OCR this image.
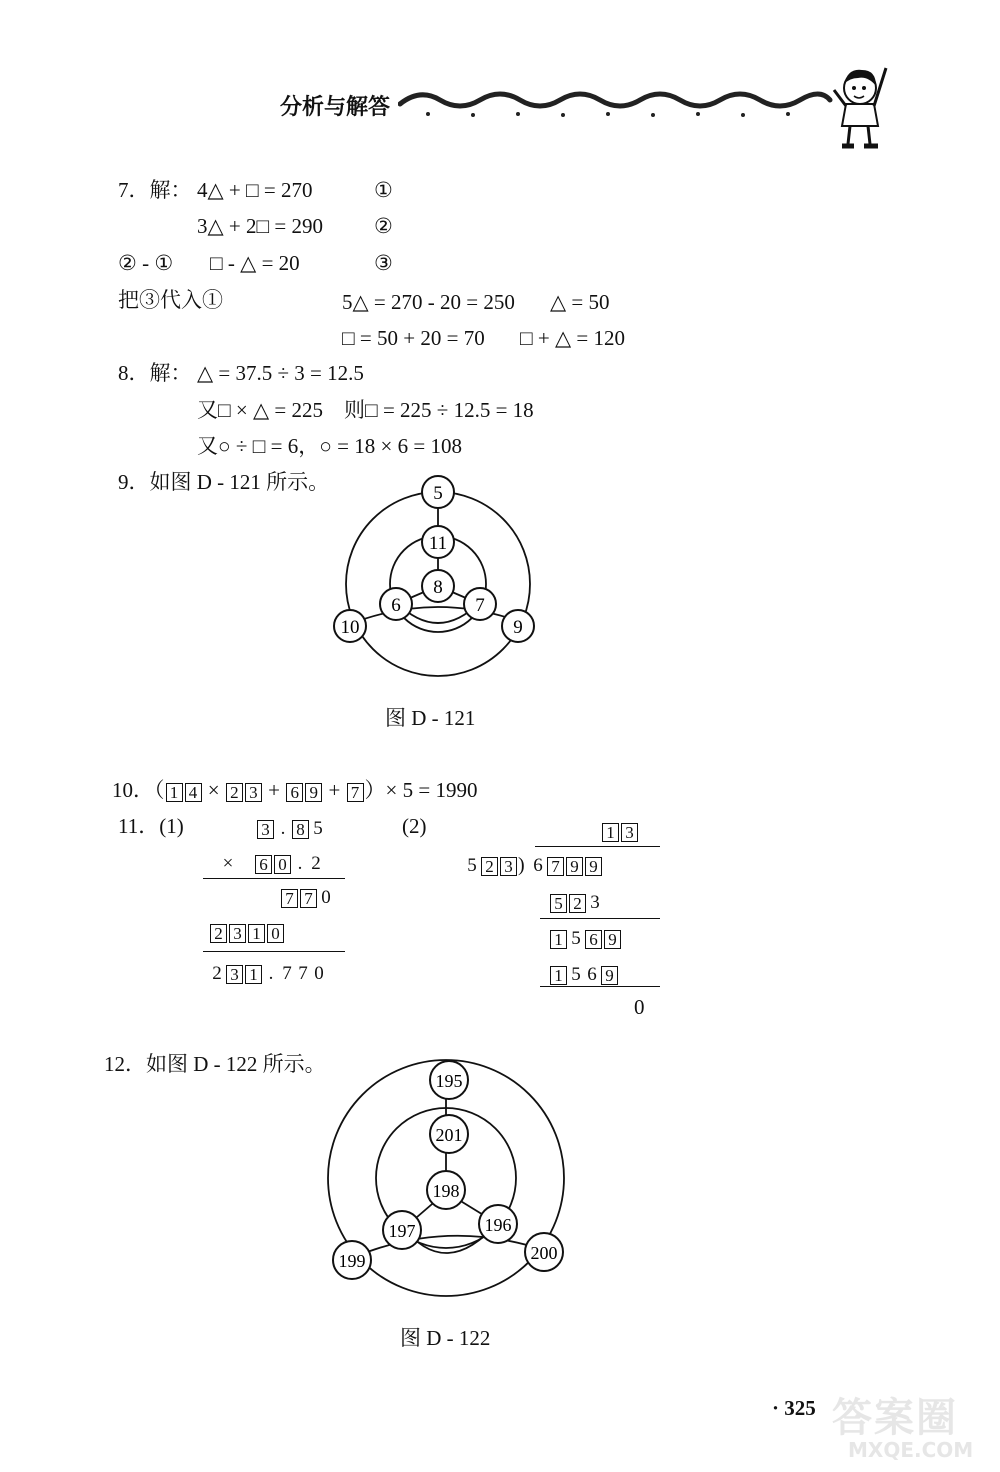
分析与解答
7．解： 4△ + □ = 270	①
3△ + 2□ = 290 ②
② - ① □ - △ = 20	③
把③代入①	5△ = 270 - 20 = 250 △ = 50
□ = 50 + 20 = 70 □ + △ = 120
8．解： △ = 37.5 ÷ 3 = 12.5
又□ × △ = 225　则□ = 225 ÷ 12.5 = 18
又○ ÷ □ = 6，○ = 18 × 6 = 108
9．如图 D - 121 所示。	5
11
8
6	7
10	9
图 D - 121
10．（ 1 4 × 2 3 + 6 9 + 7 ）× 5 = 1990
11．(1)	3 . 8 5
× 6 0 . 2
7 7 0
2 3 1 0
2 3 1 . 7 7 0
(2)	1 3
5 2 3 ) 6 7 9 9
5 2 3
1 5 6 9
1 5 6 9
0
12．如图 D - 122 所示。
195
201
198
197	196
199	200
图 D - 122
· 325 答案圈
MXQE.COM
